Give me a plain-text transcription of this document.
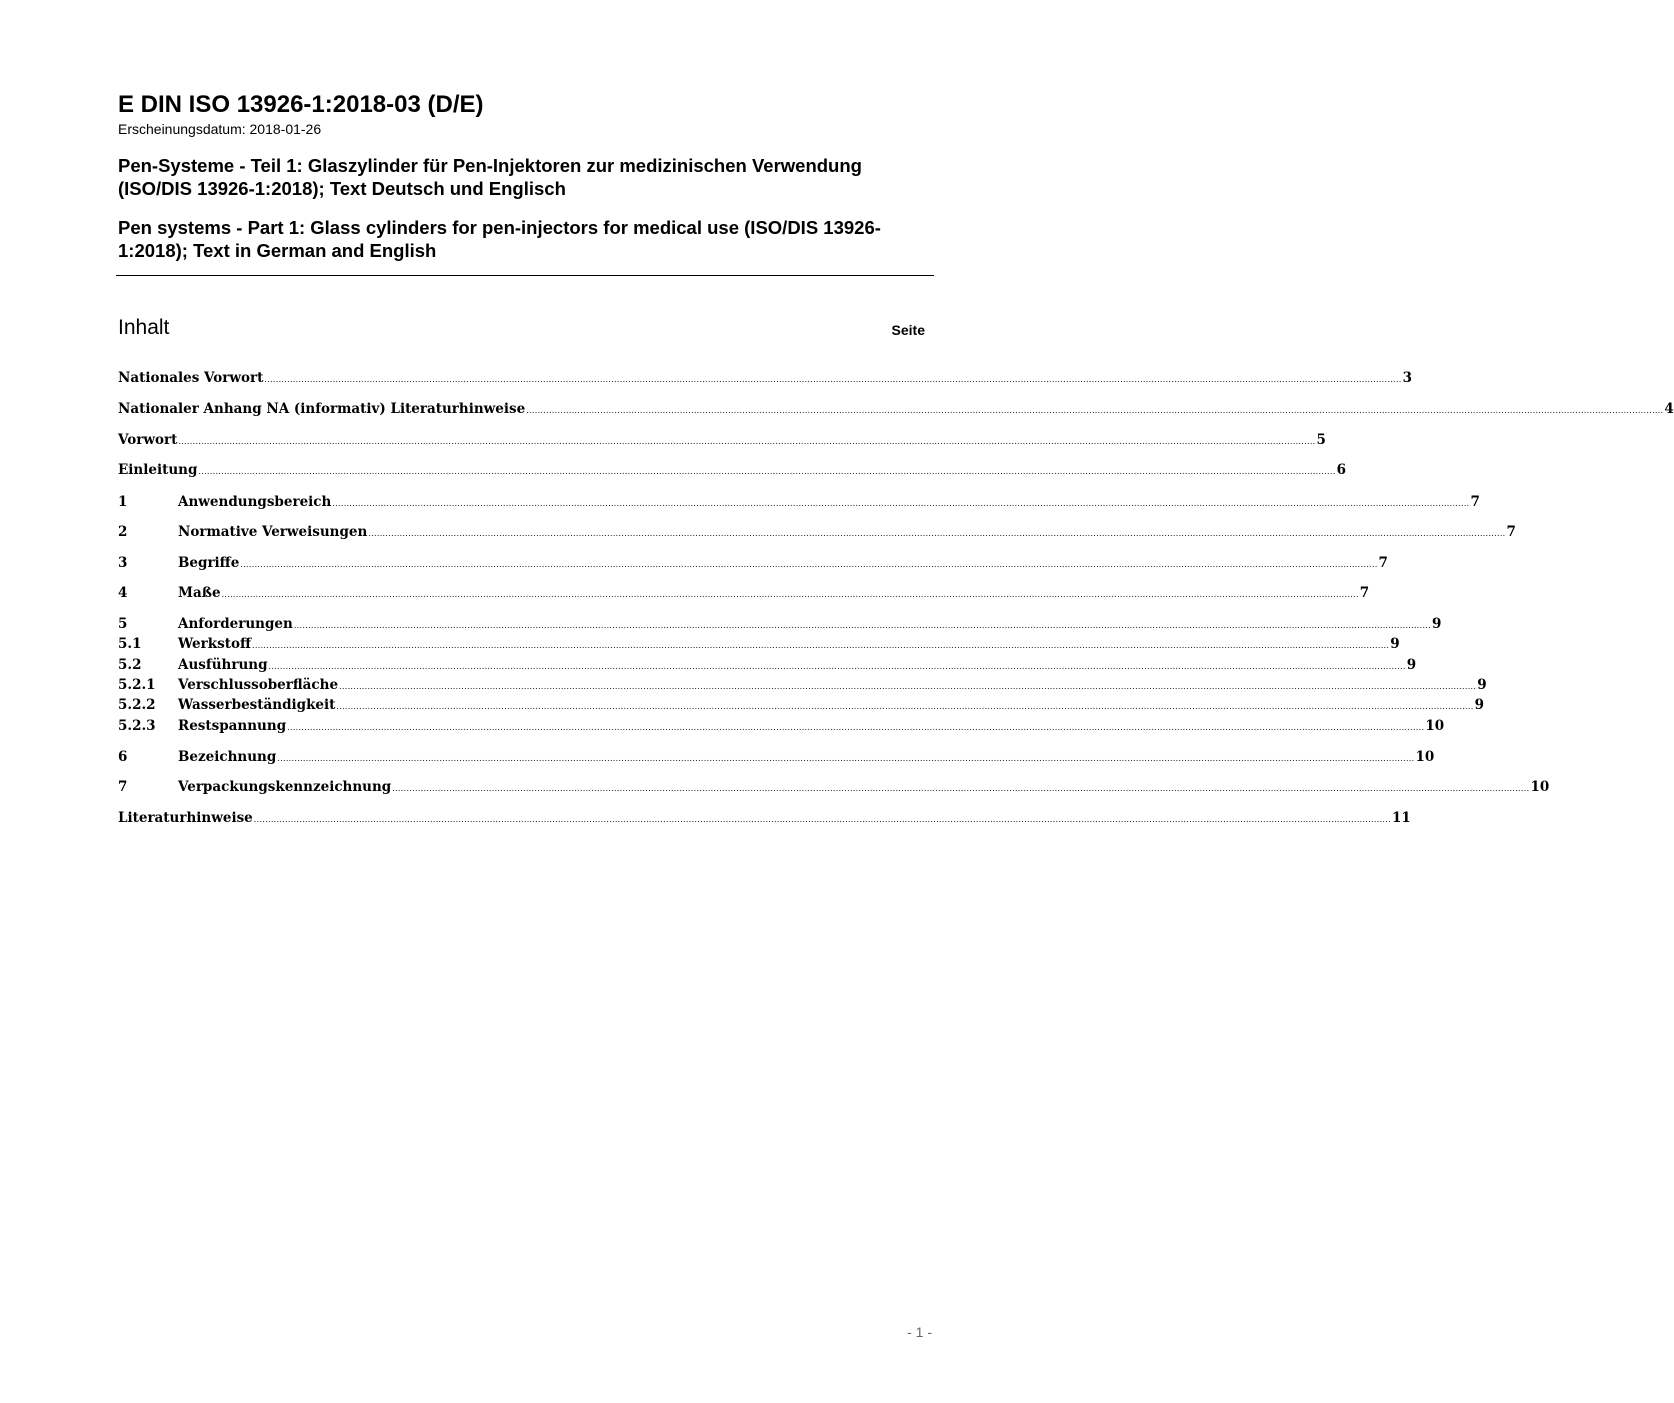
E DIN ISO 13926-1:2018-03 (D/E)
Erscheinungsdatum: 2018-01-26
Pen-Systeme - Teil 1: Glaszylinder für Pen-Injektoren zur medizinischen Verwendung (ISO/DIS 13926-1:2018); Text Deutsch und Englisch
Pen systems - Part 1: Glass cylinders for pen-injectors for medical use (ISO/DIS 13926-1:2018); Text in German and English
Inhalt	Seite
Nationales Vorwort ................................................................................................................................................................................................................................................................................................................................................................................................................ 3
Nationaler Anhang NA (informativ) Literaturhinweise ................................................................................................................................................................................................................................................................................................................................................................................................................ 4
Vorwort ................................................................................................................................................................................................................................................................................................................................................................................................................ 5
Einleitung ................................................................................................................................................................................................................................................................................................................................................................................................................ 6
1	Anwendungsbereich ................................................................................................................................................................................................................................................................................................................................................................................................................ 7
2	Normative Verweisungen ................................................................................................................................................................................................................................................................................................................................................................................................................ 7
3	Begriffe ................................................................................................................................................................................................................................................................................................................................................................................................................ 7
4	Maße ................................................................................................................................................................................................................................................................................................................................................................................................................ 7
5	Anforderungen ................................................................................................................................................................................................................................................................................................................................................................................................................ 9
5.1	Werkstoff ................................................................................................................................................................................................................................................................................................................................................................................................................ 9
5.2	Ausführung ................................................................................................................................................................................................................................................................................................................................................................................................................ 9
5.2.1	Verschlussoberfläche ................................................................................................................................................................................................................................................................................................................................................................................................................ 9
5.2.2	Wasserbeständigkeit ................................................................................................................................................................................................................................................................................................................................................................................................................ 9
5.2.3	Restspannung ................................................................................................................................................................................................................................................................................................................................................................................................................ 10
6	Bezeichnung ................................................................................................................................................................................................................................................................................................................................................................................................................ 10
7	Verpackungskennzeichnung ................................................................................................................................................................................................................................................................................................................................................................................................................ 10
Literaturhinweise ................................................................................................................................................................................................................................................................................................................................................................................................................ 11
- 1 -
